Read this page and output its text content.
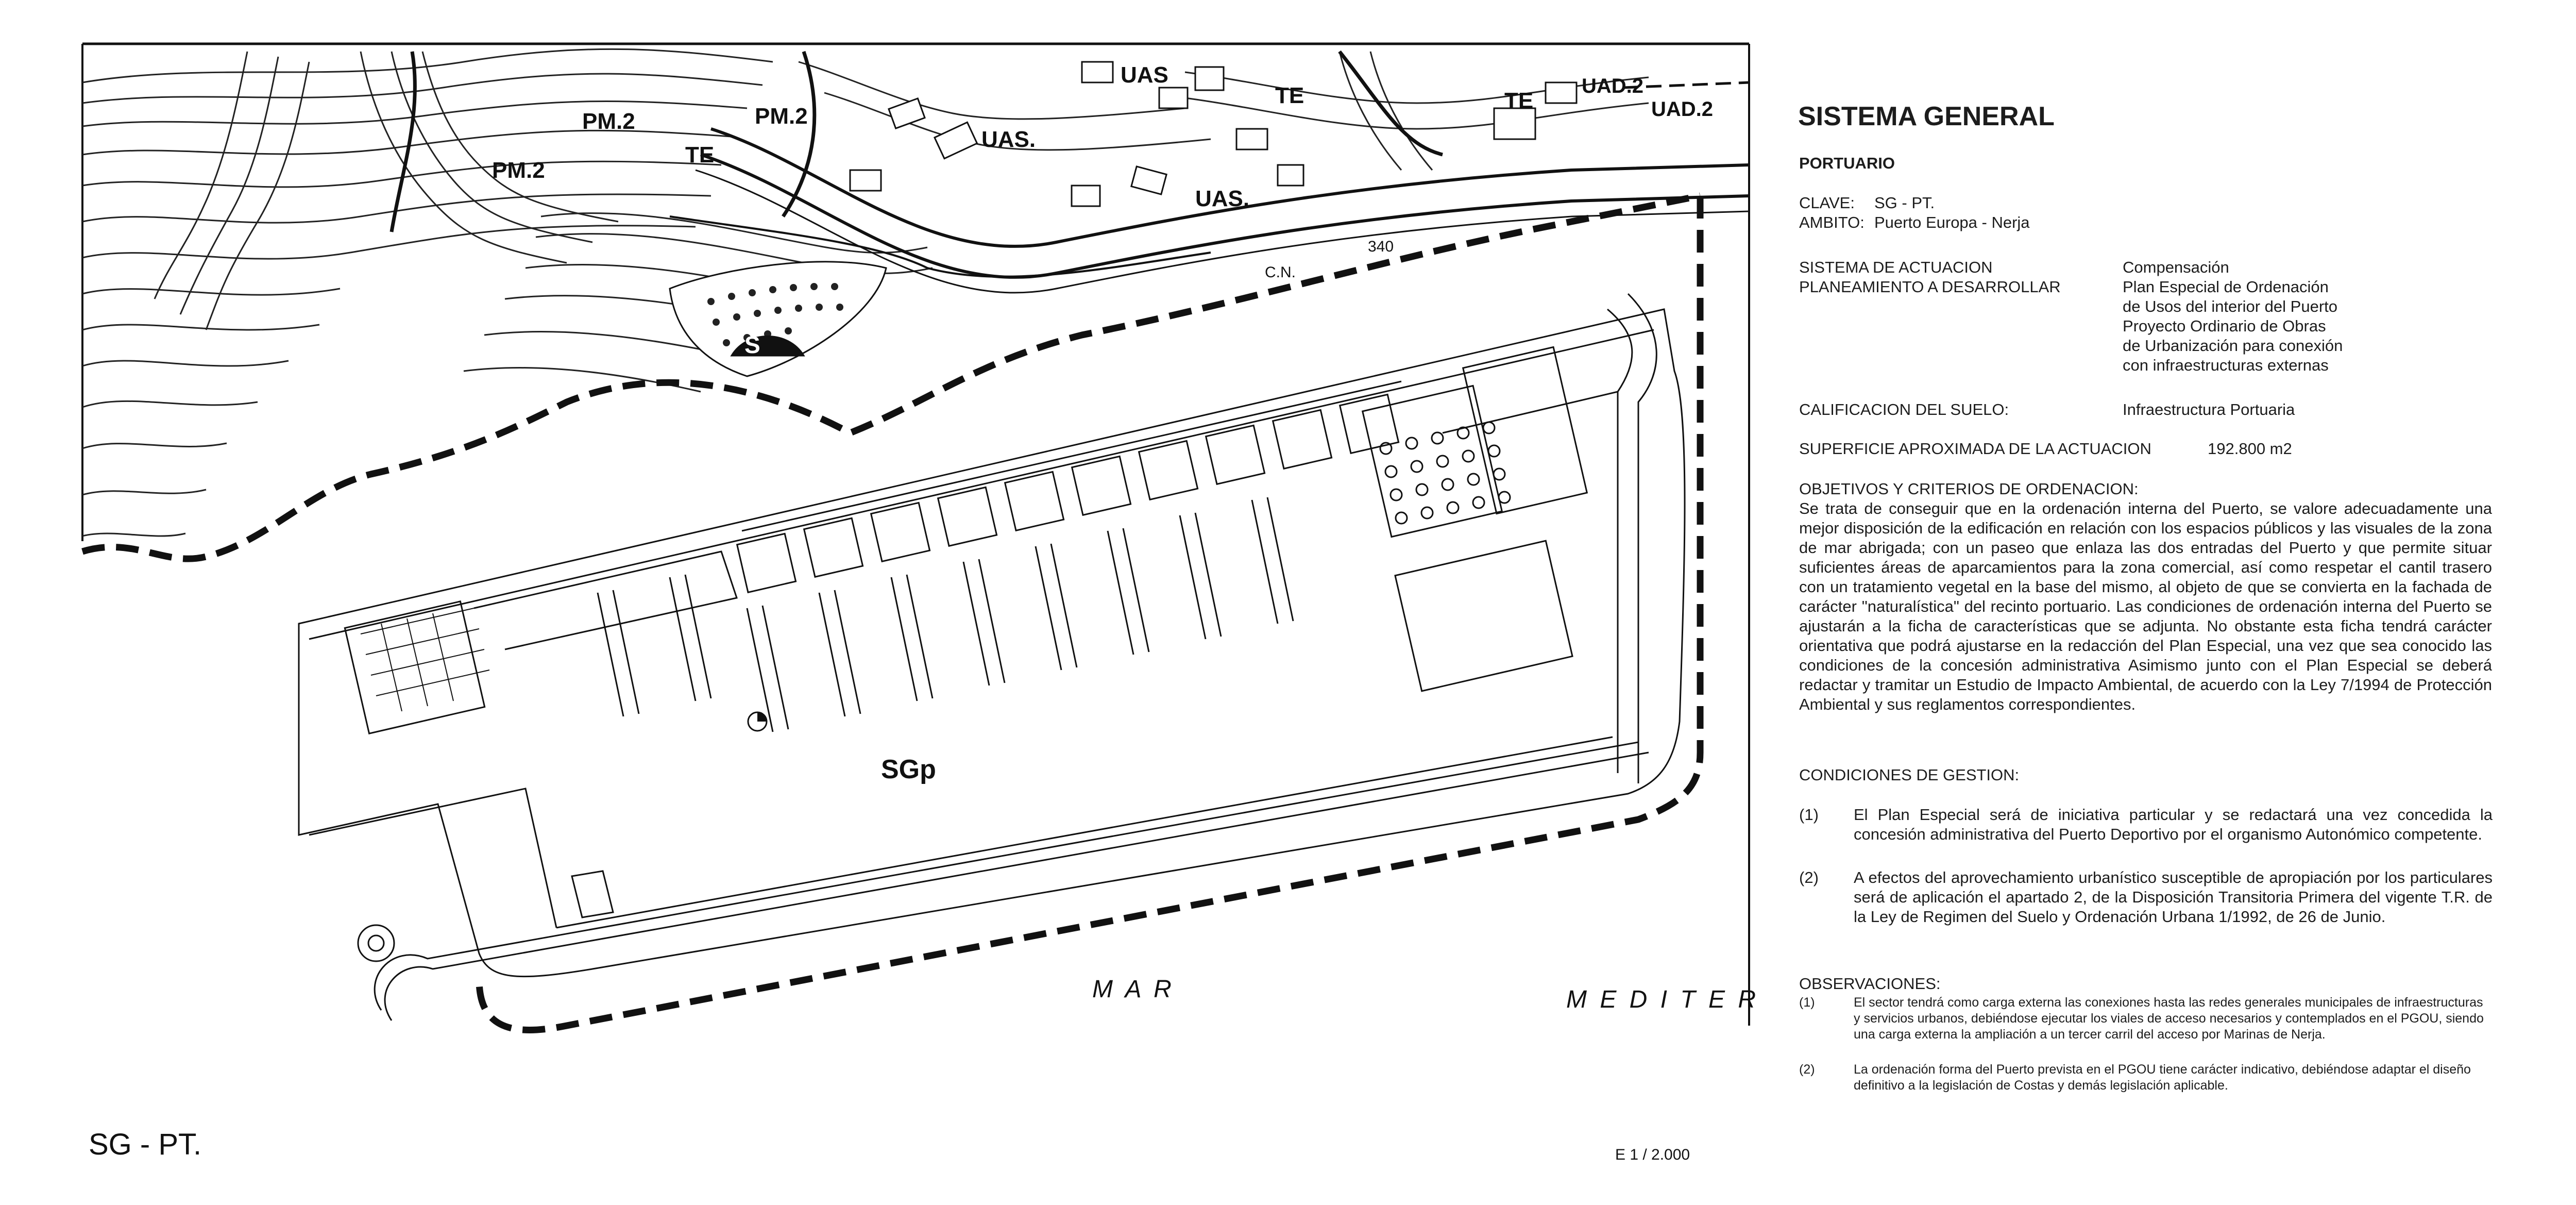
PM.2
PM.2	PM.2
TE
TE	TE
UAS
UAS.
UAS.
UAD.2
UAD.2
S
SGp
C.N.
340
M A R	M E D I T E R
SG - PT.	E 1 / 2.000
SISTEMA GENERAL
PORTUARIO
CLAVE: SG - PT.
AMBITO: Puerto Europa - Nerja
SISTEMA DE ACTUACION	Compensación
PLANEAMIENTO A DESARROLLAR	Plan Especial de Ordenación
de Usos del interior del Puerto
Proyecto Ordinario de Obras
de Urbanización para conexión
con infraestructuras externas
CALIFICACION DEL SUELO:	Infraestructura Portuaria
SUPERFICIE APROXIMADA DE LA ACTUACION	192.800 m2
OBJETIVOS Y CRITERIOS DE ORDENACION:
Se trata de conseguir que en la ordenación interna del Puerto, se valore adecuadamente una mejor disposición de la edificación en relación con los espacios públicos y las visuales de la zona de mar abrigada; con un paseo que enlaza las dos entradas del Puerto y que permite situar suficientes áreas de aparcamientos para la zona comercial, así como respetar el cantil trasero con un tratamiento vegetal en la base del mismo, al objeto de que se convierta en la fachada de carácter "naturalística" del recinto portuario. Las condiciones de ordenación interna del Puerto se ajustarán a la ficha de características que se adjunta. No obstante esta ficha tendrá carácter orientativa que podrá ajustarse en la redacción del Plan Especial, una vez que sea conocido las condiciones de la concesión administrativa Asimismo junto con el Plan Especial se deberá redactar y tramitar un Estudio de Impacto Ambiental, de acuerdo con la Ley 7/1994 de Protección Ambiental y sus reglamentos correspondientes.
CONDICIONES DE GESTION:
(1) El Plan Especial será de iniciativa particular y se redactará una vez concedida la concesión administrativa del Puerto Deportivo por el organismo Autonómico competente.
(2) A efectos del aprovechamiento urbanístico susceptible de apropiación por los particulares será de aplicación el apartado 2, de la Disposición Transitoria Primera del vigente T.R. de la Ley de Regimen del Suelo y Ordenación Urbana 1/1992, de 26 de Junio.
OBSERVACIONES:
(1)	El sector tendrá como carga externa las conexiones hasta las redes generales municipales de infraestructuras y servicios urbanos, debiéndose ejecutar los viales de acceso necesarios y contemplados en el PGOU, siendo una carga externa la ampliación a un tercer carril del acceso por Marinas de Nerja.
(2)	La ordenación forma del Puerto prevista en el PGOU tiene carácter indicativo, debiéndose adaptar el diseño definitivo a la legislación de Costas y demás legislación aplicable.
